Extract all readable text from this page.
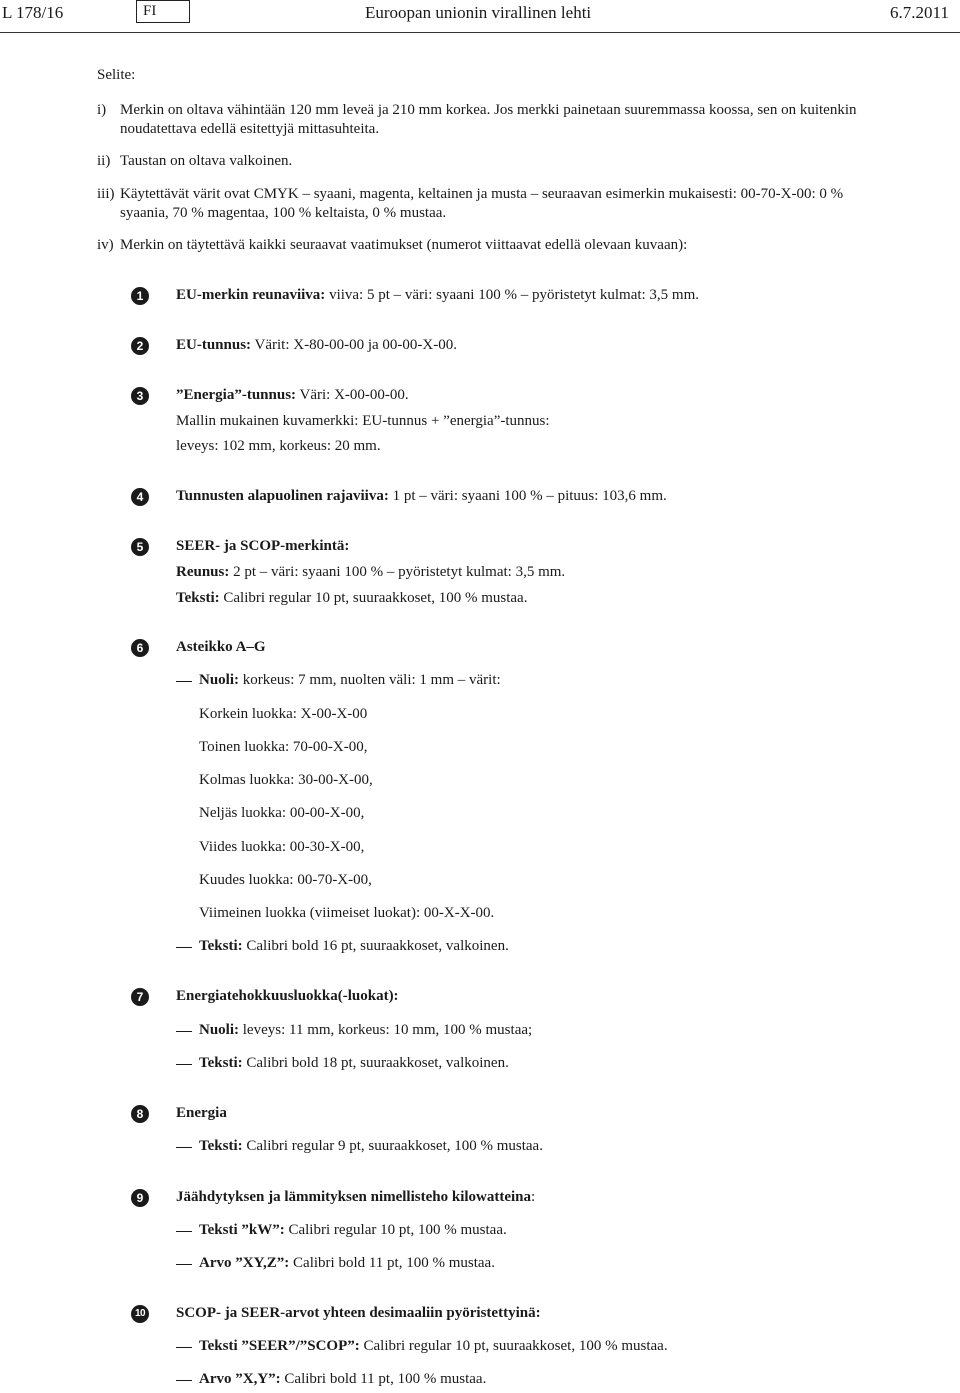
L 178/16	FI	Euroopan unionin virallinen lehti	6.7.2011
Selite:
i) Merkin on oltava vähintään 120 mm leveä ja 210 mm korkea. Jos merkki painetaan suuremmassa koossa, sen on kuitenkin noudatettava edellä esitettyjä mittasuhteita.
ii) Taustan on oltava valkoinen.
iii) Käytettävät värit ovat CMYK – syaani, magenta, keltainen ja musta – seuraavan esimerkin mukaisesti: 00-70-X-00: 0 % syaania, 70 % magentaa, 100 % keltaista, 0 % mustaa.
iv) Merkin on täytettävä kaikki seuraavat vaatimukset (numerot viittaavat edellä olevaan kuvaan):
1	EU-merkin reunaviiva: viiva: 5 pt – väri: syaani 100 % – pyöristetyt kulmat: 3,5 mm.
2	EU-tunnus: Värit: X-80-00-00 ja 00-00-X-00.
3	”Energia”-tunnus: Väri: X-00-00-00.
Mallin mukainen kuvamerkki: EU-tunnus + ”energia”-tunnus:
leveys: 102 mm, korkeus: 20 mm.
4	Tunnusten alapuolinen rajaviiva: 1 pt – väri: syaani 100 % – pituus: 103,6 mm.
5	SEER- ja SCOP-merkintä:
Reunus: 2 pt – väri: syaani 100 % – pyöristetyt kulmat: 3,5 mm.
Teksti: Calibri regular 10 pt, suuraakkoset, 100 % mustaa.
6	Asteikko A–G
Nuoli: korkeus: 7 mm, nuolten väli: 1 mm – värit:
Korkein luokka: X-00-X-00
Toinen luokka: 70-00-X-00,
Kolmas luokka: 30-00-X-00,
Neljäs luokka: 00-00-X-00,
Viides luokka: 00-30-X-00,
Kuudes luokka: 00-70-X-00,
Viimeinen luokka (viimeiset luokat): 00-X-X-00.
Teksti: Calibri bold 16 pt, suuraakkoset, valkoinen.
7	Energiatehokkuusluokka(-luokat):
Nuoli: leveys: 11 mm, korkeus: 10 mm, 100 % mustaa;
Teksti: Calibri bold 18 pt, suuraakkoset, valkoinen.
8	Energia
Teksti: Calibri regular 9 pt, suuraakkoset, 100 % mustaa.
9	Jäähdytyksen ja lämmityksen nimellisteho kilowatteina:
Teksti ”kW”: Calibri regular 10 pt, 100 % mustaa.
Arvo ”XY,Z”: Calibri bold 11 pt, 100 % mustaa.
10 SCOP- ja SEER-arvot yhteen desimaaliin pyöristettyinä:
Teksti ”SEER”/”SCOP”: Calibri regular 10 pt, suuraakkoset, 100 % mustaa.
Arvo ”X,Y”: Calibri bold 11 pt, 100 % mustaa.
